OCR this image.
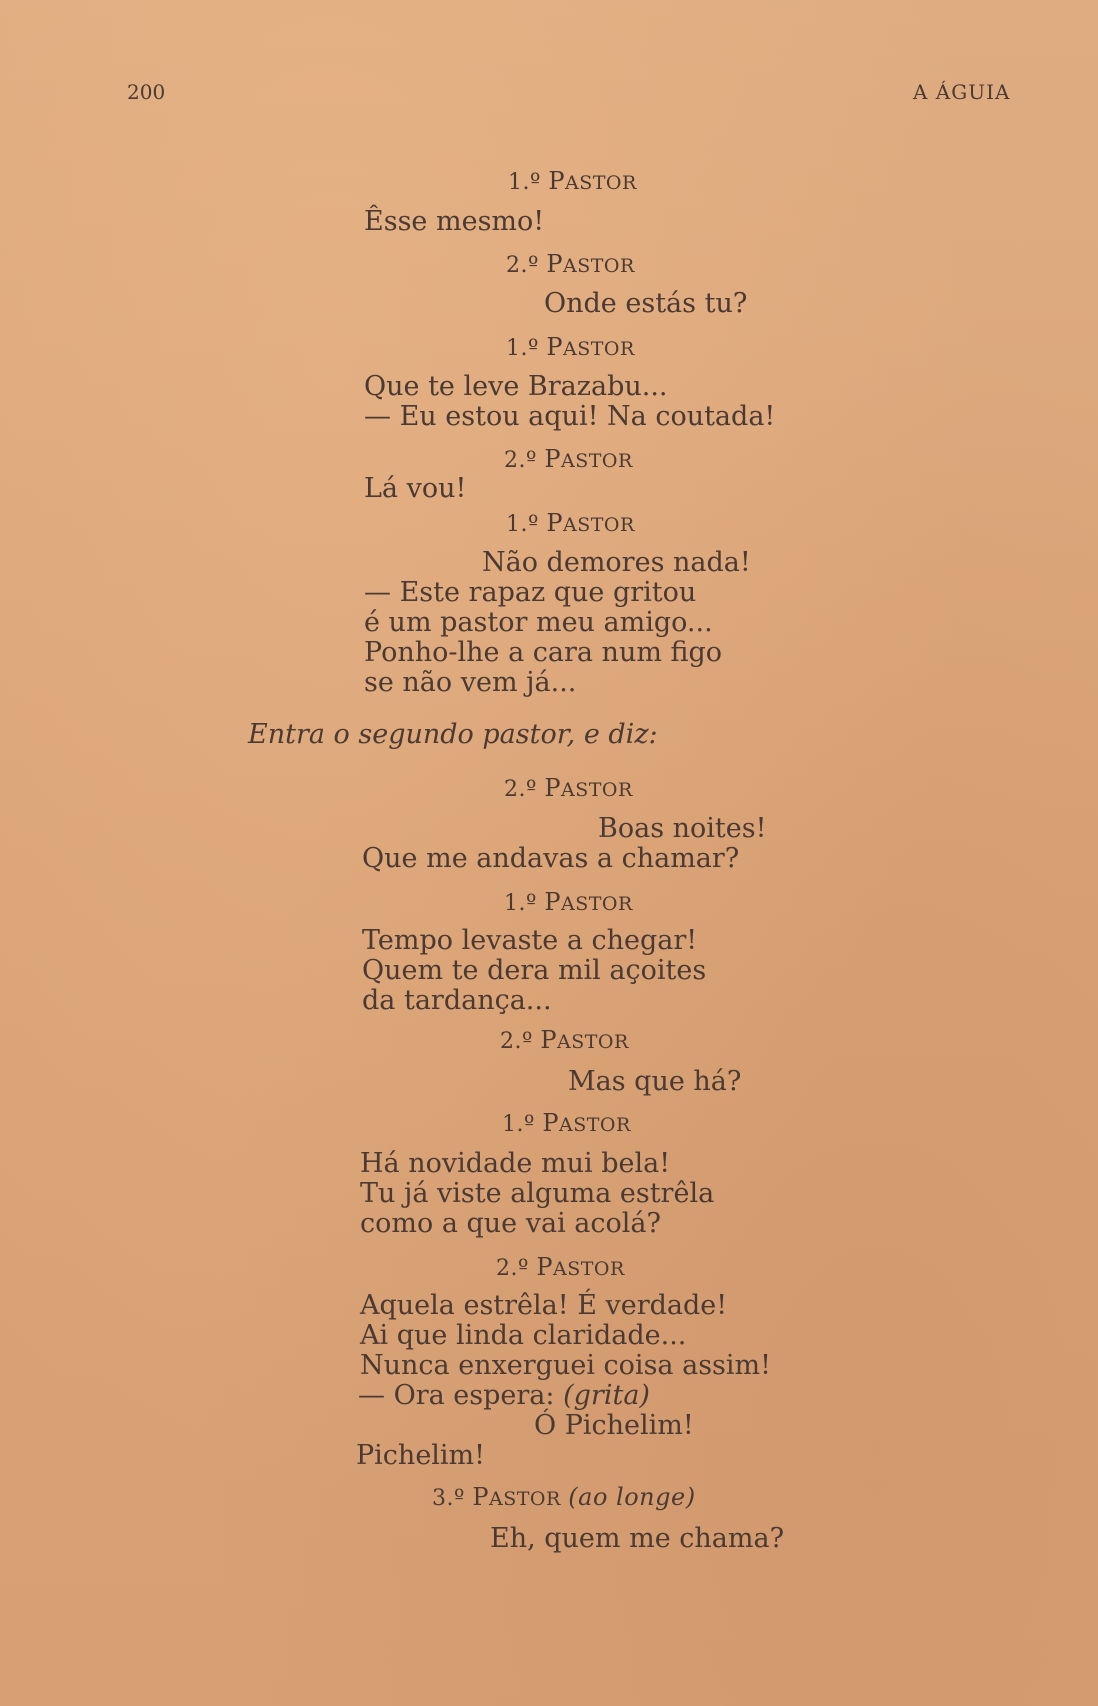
200	A ÁGUIA
1.º PASTOR
Êsse mesmo!
2.º PASTOR
Onde estás tu?
1.º PASTOR
Que te leve Brazabu...
— Eu estou aqui! Na coutada!
2.º PASTOR
Lá vou!
1.º PASTOR
Não demores nada!
— Este rapaz que gritou
é um pastor meu amigo...
Ponho-lhe a cara num figo
se não vem já...
Entra o segundo pastor, e diz:
2.º PASTOR
Boas noites!
Que me andavas a chamar?
1.º PASTOR
Tempo levaste a chegar!
Quem te dera mil açoites
da tardança...
2.º PASTOR
Mas que há?
1.º PASTOR
Há novidade mui bela!
Tu já viste alguma estrêla
como a que vai acolá?
2.º PASTOR
Aquela estrêla! É verdade!
Ai que linda claridade...
Nunca enxerguei coisa assim!
— Ora espera: (grita)
Ó Pichelim!
Pichelim!
3.º PASTOR (ao longe)
Eh, quem me chama?
